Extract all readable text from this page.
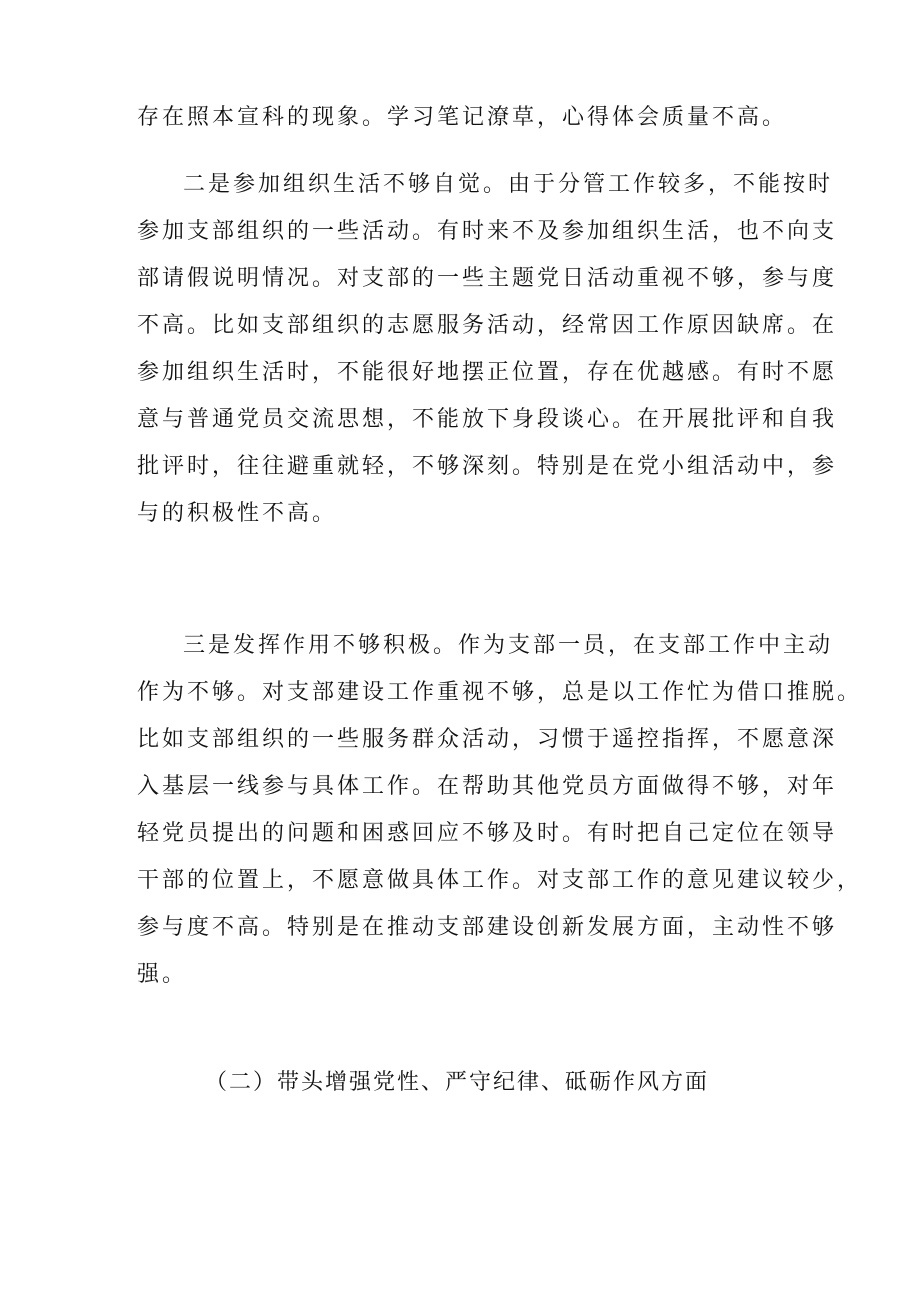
存在照本宣科的现象。学习笔记潦草，心得体会质量不高。

二是参加组织生活不够自觉。由于分管工作较多，不能按时

参加支部组织的一些活动。有时来不及参加组织生活，也不向支

部请假说明情况。对支部的一些主题党日活动重视不够，参与度

不高。比如支部组织的志愿服务活动，经常因工作原因缺席。在

参加组织生活时，不能很好地摆正位置，存在优越感。有时不愿

意与普通党员交流思想，不能放下身段谈心。在开展批评和自我

批评时，往往避重就轻，不够深刻。特别是在党小组活动中，参

与的积极性不高。

三是发挥作用不够积极。作为支部一员，在支部工作中主动

作为不够。对支部建设工作重视不够，总是以工作忙为借口推脱。

比如支部组织的一些服务群众活动，习惯于遥控指挥，不愿意深

入基层一线参与具体工作。在帮助其他党员方面做得不够，对年

轻党员提出的问题和困惑回应不够及时。有时把自己定位在领导

干部的位置上，不愿意做具体工作。对支部工作的意见建议较少，

参与度不高。特别是在推动支部建设创新发展方面，主动性不够

强。

（二）带头增强党性、严守纪律、砥砺作风方面
